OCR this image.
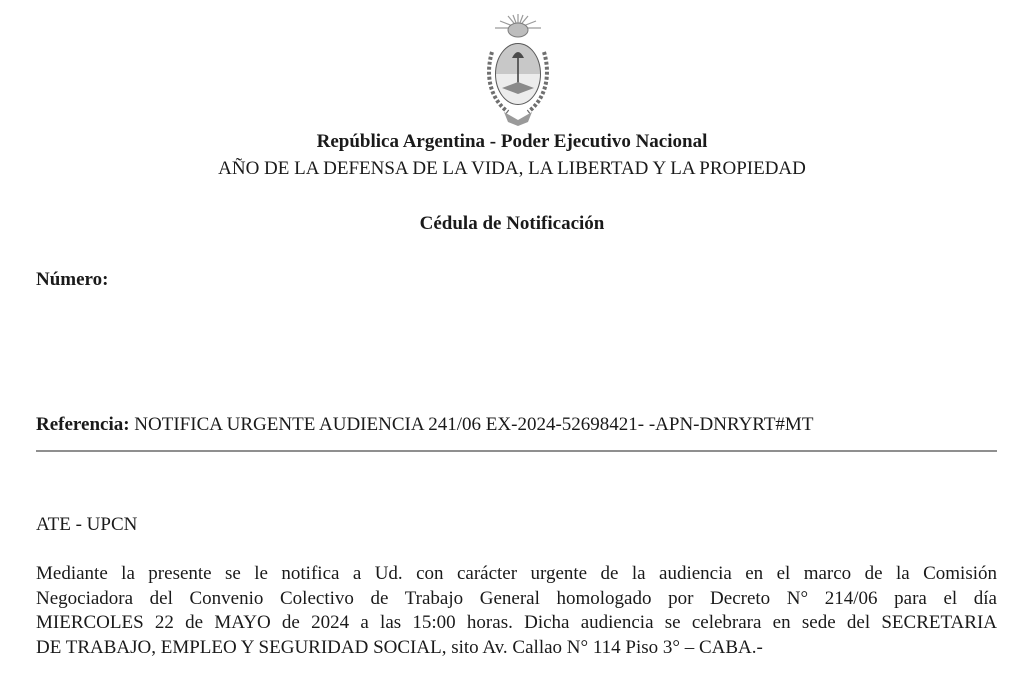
República Argentina - Poder Ejecutivo Nacional
AÑO DE LA DEFENSA DE LA VIDA, LA LIBERTAD Y LA PROPIEDAD
Cédula de Notificación
Número:
Referencia: NOTIFICA URGENTE AUDIENCIA 241/06 EX-2024-52698421- -APN-DNRYRT#MT
ATE - UPCN
Mediante la presente se le notifica a Ud. con carácter urgente de la audiencia en el marco de la Comisión
Negociadora del Convenio Colectivo de Trabajo General homologado por Decreto N° 214/06 para el día
MIERCOLES 22 de MAYO de 2024 a las 15:00 horas. Dicha audiencia se celebrara en sede del SECRETARIA
DE TRABAJO, EMPLEO Y SEGURIDAD SOCIAL, sito Av. Callao N° 114 Piso 3° – CABA.-
